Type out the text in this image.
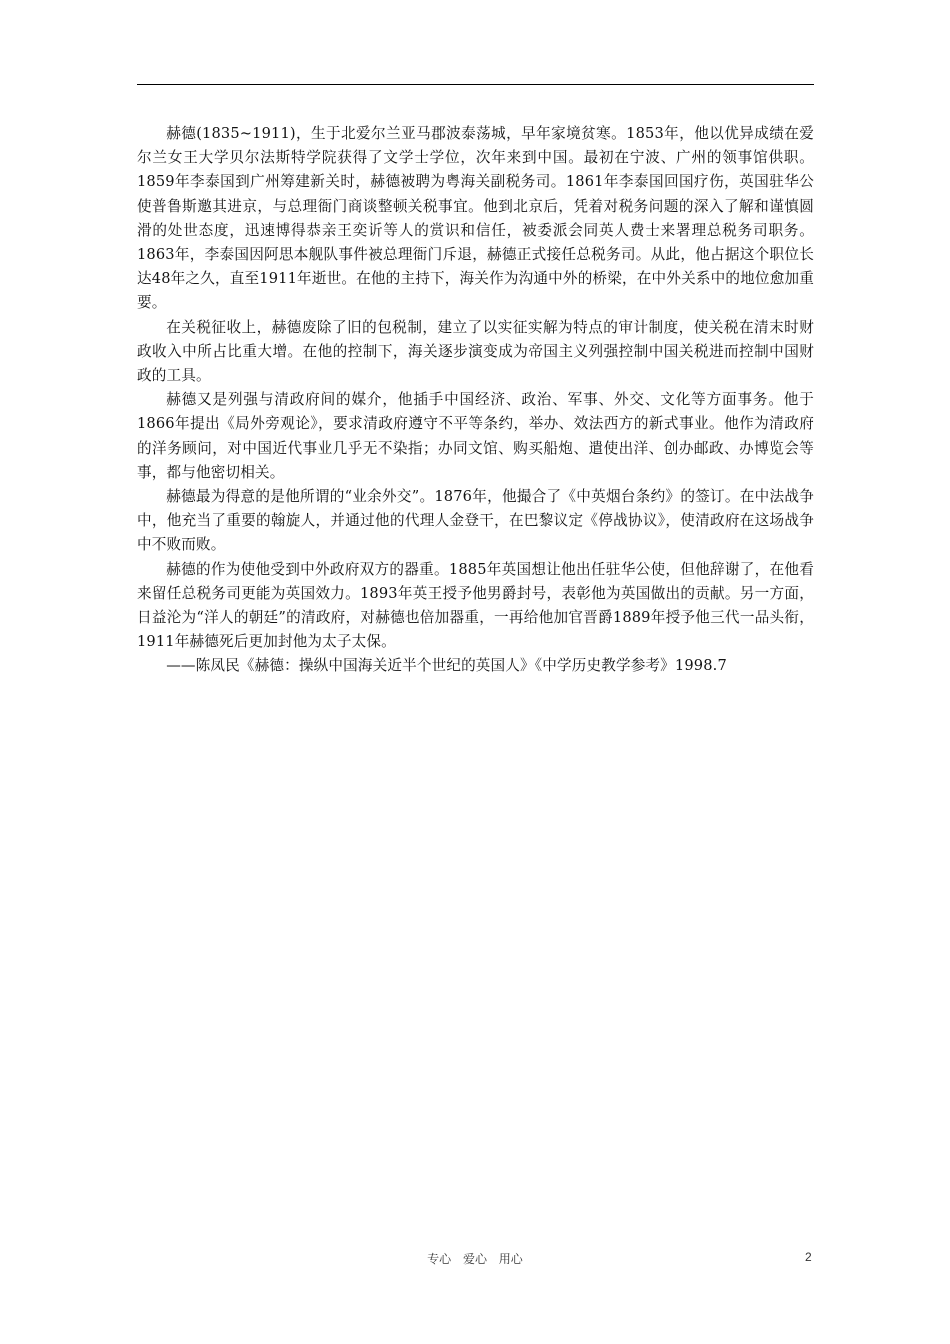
赫德(1835~1911)，生于北爱尔兰亚马郡波泰荡城，早年家境贫寒。1853年，他以优异成绩在爱尔兰女王大学贝尔法斯特学院获得了文学士学位，次年来到中国。最初在宁波、广州的领事馆供职。1859年李泰国到广州筹建新关时，赫德被聘为粤海关副税务司。1861年李泰国回国疗伤，英国驻华公使普鲁斯邀其进京，与总理衙门商谈整顿关税事宜。他到北京后，凭着对税务问题的深入了解和谨慎圆滑的处世态度，迅速博得恭亲王奕䜣等人的赏识和信任，被委派会同英人费士来署理总税务司职务。1863年，李泰国因阿思本舰队事件被总理衙门斥退，赫德正式接任总税务司。从此，他占据这个职位长达48年之久，直至1911年逝世。在他的主持下，海关作为沟通中外的桥梁，在中外关系中的地位愈加重要。

在关税征收上，赫德废除了旧的包税制，建立了以实征实解为特点的审计制度，使关税在清末时财政收入中所占比重大增。在他的控制下，海关逐步演变成为帝国主义列强控制中国关税进而控制中国财政的工具。

赫德又是列强与清政府间的媒介，他插手中国经济、政治、军事、外交、文化等方面事务。他于1866年提出《局外旁观论》，要求清政府遵守不平等条约，举办、效法西方的新式事业。他作为清政府的洋务顾问，对中国近代事业几乎无不染指；办同文馆、购买船炮、遣使出洋、创办邮政、办博览会等事，都与他密切相关。

赫德最为得意的是他所谓的“业余外交”。1876年，他撮合了《中英烟台条约》的签订。在中法战争中，他充当了重要的翰旋人，并通过他的代理人金登干，在巴黎议定《停战协议》，使清政府在这场战争中不败而败。

赫德的作为使他受到中外政府双方的器重。1885年英国想让他出任驻华公使，但他辞谢了，在他看来留任总税务司更能为英国效力。1893年英王授予他男爵封号，表彰他为英国做出的贡献。另一方面，日益沦为“洋人的朝廷”的清政府，对赫德也倍加器重，一再给他加官晋爵1889年授予他三代一品头衔，1911年赫德死后更加封他为太子太保。

——陈凤民《赫德：操纵中国海关近半个世纪的英国人》《中学历史教学参考》1998.7

专心 爱心 用心	2
